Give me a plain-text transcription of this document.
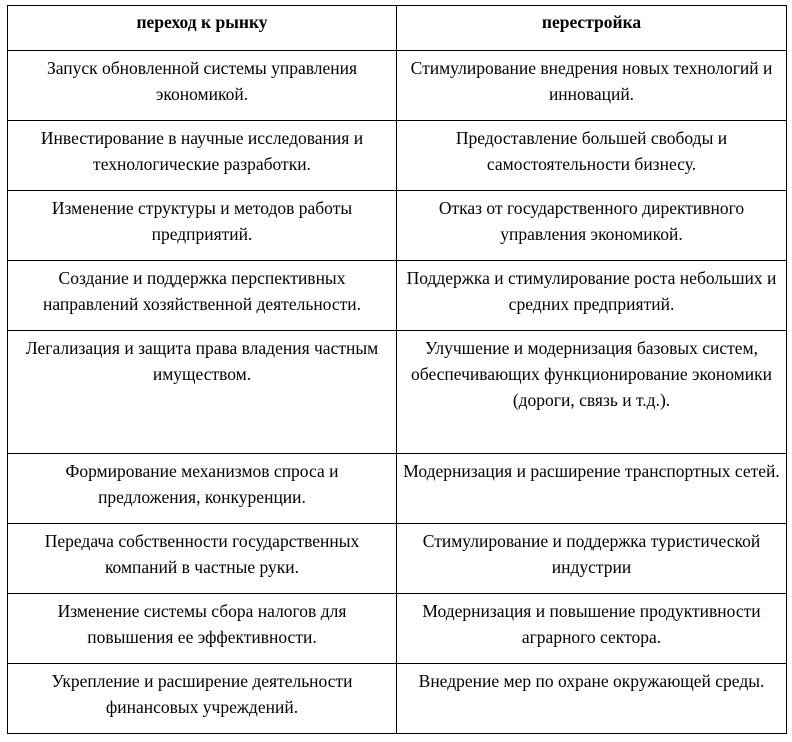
переход к рынку	перестройка
Запуск обновленной системы управления экономикой.	Стимулирование внедрения новых технологий и инноваций.
Инвестирование в научные исследования и технологические разработки.	Предоставление большей свободы и самостоятельности бизнесу.
Изменение структуры и методов работы предприятий.	Отказ от государственного директивного управления экономикой.
Создание и поддержка перспективных направлений хозяйственной деятельности.	Поддержка и стимулирование роста небольших и средних предприятий.
Легализация и защита права владения частным имуществом.	Улучшение и модернизация базовых систем, обеспечивающих функционирование экономики (дороги, связь и т.д.).
Формирование механизмов спроса и предложения, конкуренции.	Модернизация и расширение транспортных сетей.
Передача собственности государственных компаний в частные руки.	Стимулирование и поддержка туристической индустрии
Изменение системы сбора налогов для повышения ее эффективности.	Модернизация и повышение продуктивности аграрного сектора.
Укрепление и расширение деятельности финансовых учреждений.	Внедрение мер по охране окружающей среды.
